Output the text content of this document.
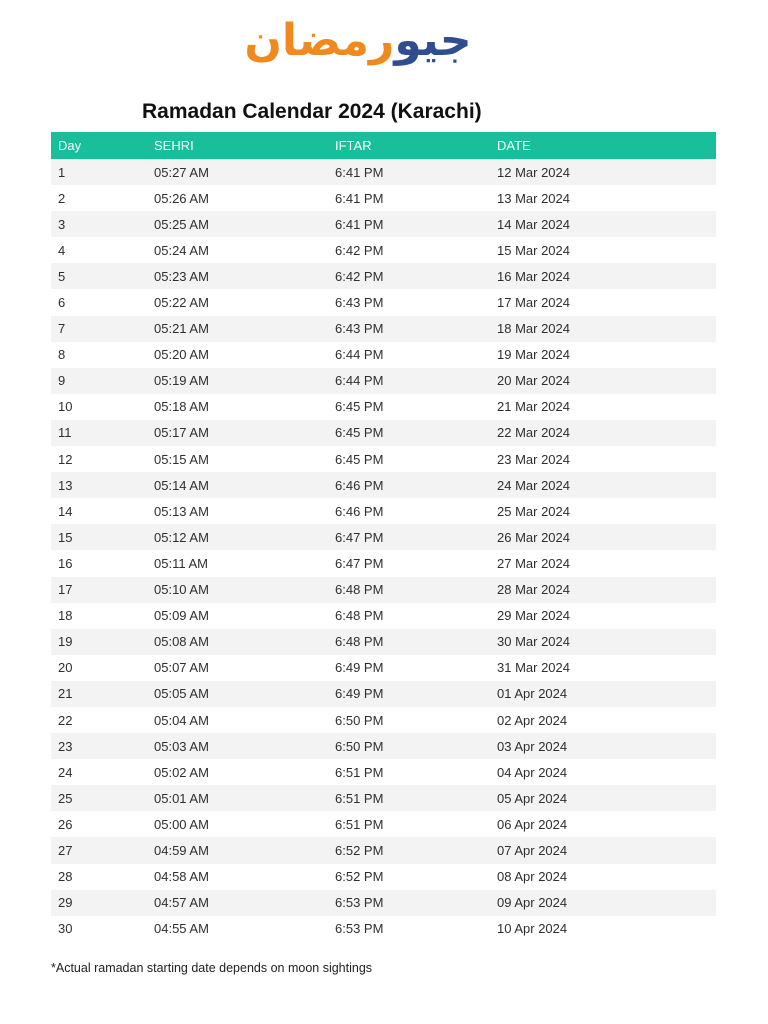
جیو
رمضان
Ramadan Calendar 2024 (Karachi)
Day	SEHRI	IFTAR	DATE
1	05:27 AM	6:41 PM	12 Mar 2024
2	05:26 AM	6:41 PM	13 Mar 2024
3	05:25 AM	6:41 PM	14 Mar 2024
4	05:24 AM	6:42 PM	15 Mar 2024
5	05:23 AM	6:42 PM	16 Mar 2024
6	05:22 AM	6:43 PM	17 Mar 2024
7	05:21 AM	6:43 PM	18 Mar 2024
8	05:20 AM	6:44 PM	19 Mar 2024
9	05:19 AM	6:44 PM	20 Mar 2024
10	05:18 AM	6:45 PM	21 Mar 2024
11	05:17 AM	6:45 PM	22 Mar 2024
12	05:15 AM	6:45 PM	23 Mar 2024
13	05:14 AM	6:46 PM	24 Mar 2024
14	05:13 AM	6:46 PM	25 Mar 2024
15	05:12 AM	6:47 PM	26 Mar 2024
16	05:11 AM	6:47 PM	27 Mar 2024
17	05:10 AM	6:48 PM	28 Mar 2024
18	05:09 AM	6:48 PM	29 Mar 2024
19	05:08 AM	6:48 PM	30 Mar 2024
20	05:07 AM	6:49 PM	31 Mar 2024
21	05:05 AM	6:49 PM	01 Apr 2024
22	05:04 AM	6:50 PM	02 Apr 2024
23	05:03 AM	6:50 PM	03 Apr 2024
24	05:02 AM	6:51 PM	04 Apr 2024
25	05:01 AM	6:51 PM	05 Apr 2024
26	05:00 AM	6:51 PM	06 Apr 2024
27	04:59 AM	6:52 PM	07 Apr 2024
28	04:58 AM	6:52 PM	08 Apr 2024
29	04:57 AM	6:53 PM	09 Apr 2024
30	04:55 AM	6:53 PM	10 Apr 2024

*Actual ramadan starting date depends on moon sightings
